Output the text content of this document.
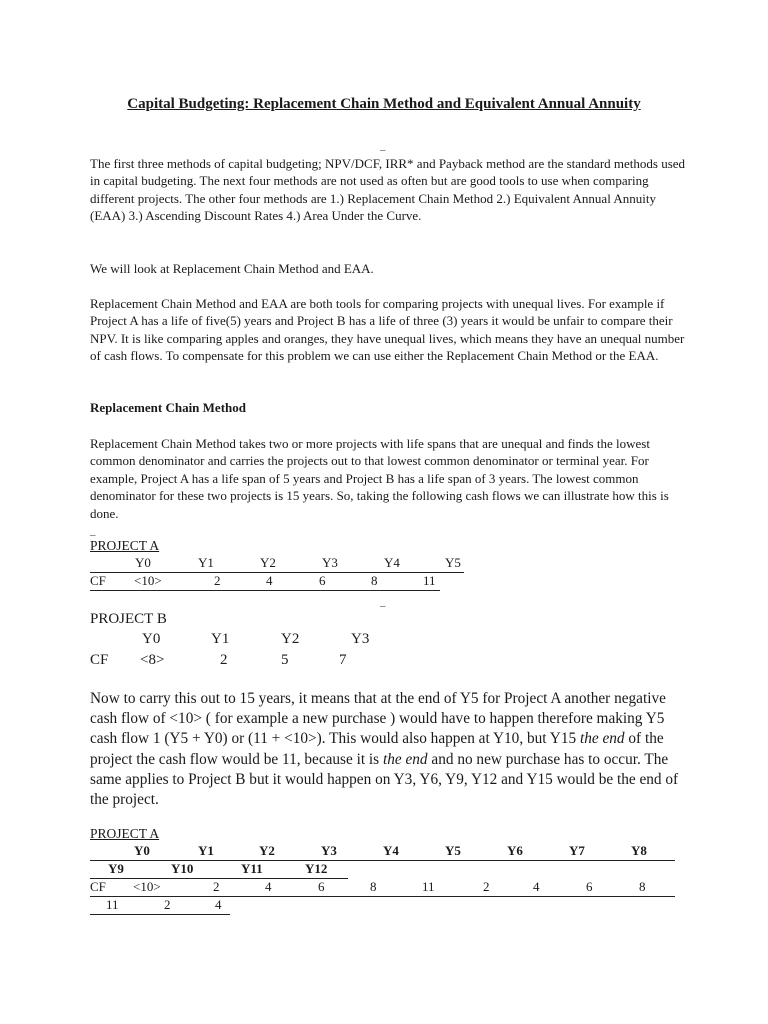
Capital Budgeting: Replacement Chain Method and Equivalent Annual Annuity
_

The first three methods of capital budgeting; NPV/DCF, IRR* and Payback method are the standard methods used in capital budgeting. The next four methods are not used as often but are good tools to use when comparing different projects. The other four methods are 1.) Replacement Chain Method 2.) Equivalent Annual Annuity (EAA) 3.) Ascending Discount Rates 4.) Area Under the Curve.

We will look at Replacement Chain Method and EAA.

Replacement Chain Method and EAA are both tools for comparing projects with unequal lives. For example if Project A has a life of five(5) years and Project B has a life of three (3) years it would be unfair to compare their NPV. It is like comparing apples and oranges, they have unequal lives, which means they have an unequal number of cash flows. To compensate for this problem we can use either the Replacement Chain Method or the EAA.

Replacement Chain Method

Replacement Chain Method takes two or more projects with life spans that are unequal and finds the lowest common denominator and carries the projects out to that lowest common denominator or terminal year. For example, Project A has a life span of 5 years and Project B has a life span of 3 years. The lowest common denominator for these two projects is 15 years. So, taking the following cash flows we can illustrate how this is done.

_
PROJECT A
Y0	Y1	Y2	Y3	Y4	Y5
CF <10>	2	4	6	8	11
_
PROJECT B
Y0	Y1	Y2	Y3
CF <8>	2	5	7

Now to carry this out to 15 years, it means that at the end of Y5 for Project A another negative cash flow of <10> ( for example a new purchase ) would have to happen therefore making Y5 cash flow 1 (Y5 + Y0) or (11 + <10>). This would also happen at Y10, but Y15 the end of the project the cash flow would be 11, because it is the end and no new purchase has to occur. The same applies to Project B but it would happen on Y3, Y6, Y9, Y12 and Y15 would be the end of the project.

PROJECT A
Y0	Y1	Y2	Y3	Y4	Y5	Y6	Y7	Y8
Y9	Y10	Y11	Y12
CF <10>	2	4	6	8	11	2	4	6	8
11	2	4
